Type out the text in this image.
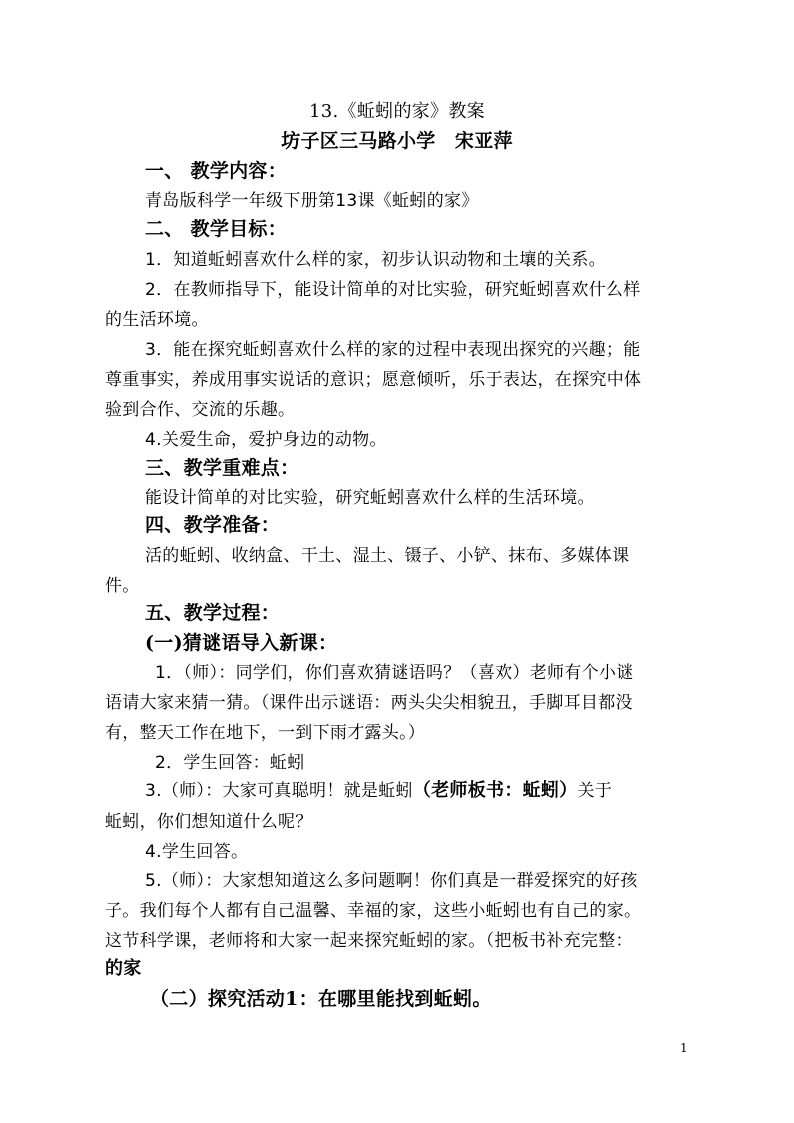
13.《蚯蚓的家》教案
坊子区三马路小学　宋亚萍
一、 教学内容：
青岛版科学一年级下册第13课《蚯蚓的家》
二、 教学目标：
1．知道蚯蚓喜欢什么样的家，初步认识动物和土壤的关系。
2．在教师指导下，能设计简单的对比实验，研究蚯蚓喜欢什么样
的生活环境。
3．能在探究蚯蚓喜欢什么样的家的过程中表现出探究的兴趣；能
尊重事实，养成用事实说话的意识；愿意倾听，乐于表达，在探究中体
验到合作、交流的乐趣。
4.关爱生命，爱护身边的动物。
三、教学重难点：
能设计简单的对比实验，研究蚯蚓喜欢什么样的生活环境。
四、教学准备：
活的蚯蚓、收纳盒、干土、湿土、镊子、小铲、抹布、多媒体课
件。
五、教学过程：
(一)猜谜语导入新课：
1．（师）：同学们，你们喜欢猜谜语吗？（喜欢）老师有个小谜
语请大家来猜一猜。（课件出示谜语：两头尖尖相貌丑，手脚耳目都没
有，整天工作在地下，一到下雨才露头。）
2．学生回答：蚯蚓
3.（师）：大家可真聪明！就是蚯蚓（老师板书：蚯蚓）关于
蚯蚓，你们想知道什么呢？
4.学生回答。
5.（师）：大家想知道这么多问题啊！你们真是一群爱探究的好孩
子。我们每个人都有自己温馨、幸福的家，这些小蚯蚓也有自己的家。
这节科学课，老师将和大家一起来探究蚯蚓的家。（把板书补充完整：
的家
（二）探究活动1：在哪里能找到蚯蚓。
1
